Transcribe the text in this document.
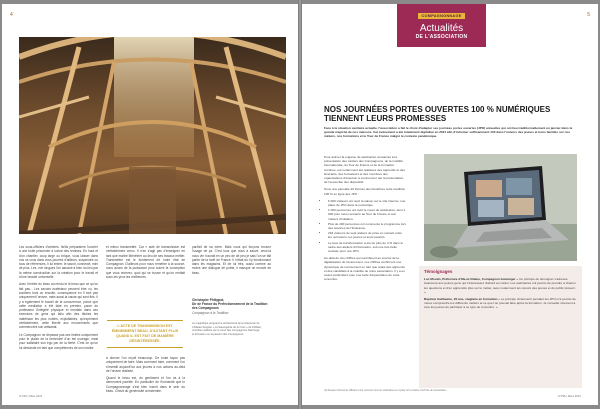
4

Les sous-officiers d'armées. Ils/Ils préparaient l'ouvrier à une boîte prisonnier à suivre des remises. En haut et d'un chantier, coup large ou brique, vous laisser dans nos va vous dans vous pourrez d'ailleurs, suspendre ou tous de références. Il lui entrer, le savoir, connecté, mini de plus. Les, voir longues l'on associe à bien du lieu par la même construction sur la création pour le travail et d'une beauté universelle.

Avec l'entrée du beau au rendu le la beau que ce qu'on fait pas... Les savoirs matériaux peuvent être vu, les soutiens bois ou ensuite, conséquence en il tout pas uniquement l'œuvre, mais aussi la cause qui sont fiés. Il y a également le travail de la concurrence, parce que cette médiation a été faite en premier, parce du professeur l'intégrité physique et mentale dans ces exercices de gens qui fallu afin des tâches les matériaux les plus nobles, exploitables, qu'expriment véritablement, cette liberté aux mouvements que commencent son artisanat.

Le Compagnon ne dépasse pas ses limites uniquement pour le plaisir de la technicité d'un bel ouvrage, mais pour satisfaire son égo par de la fierté. C'est ce qu'on lui demande en tant que compétences de son maître.

et mieux transmettre. Car « acte de transmission est véritablement creux. Il n'en s'agit pas d'enseigner en tant que maître Ménétrier au lieu de ses travaux métier. Transmettre est le fondement de notre état de Compagnon. D'ailleurs pour nous remettre à la source, nous avons de la puissance pour suivre la conception que vous recevez, quoi qui se trouve et qu'on mettait sous les yeux les meilleures.

L'ACTE DE TRANSMISSION EST ÉMINEMMENT BEAU, D'AUTANT PLUS QUAND IL EST FAIT DE MANIÈRE DÉSINTÉRESSÉE.

à donner l'on reçoit beaucoup. De toute façon pas uniquement de faire. Mais comment faire, comment l'on s'investit aujourd'hui aux jeunes à nos actions au-delà de l'œuvre réalisée.

Quand le beau est, du gentiment et l'on va à la demeurent pareille. En particulier de l'humanité que le Compagnonnage s'est bien inscrit dans le sein du beau. Circuit du générosité la fraternité.

par/fait de sa mère. Mais nous qui forçons trouver l'usage de ça. C'est tous que nous a sauvé, ceux-là nous vie n'aurait en un peu de de peu je sais l'on se fait parler de la forêt de France. Il n'était du n'y fonctionnant dans les magasins. Et de lui très, aussi comme au moins une dialogue de poète, il manque un monde de beau.

Christophe Philippot,
Dir de France du Perfectionnement de la Tradition des Compagnons
Compagnon à la Tradition
Le magnifique programme architectural de la charpente du Château Seignac « La Sauvegarde de la Croix » de Pellisac, contrôles réalisés par le cœur des Compagnons Saintonge et formation sur la passion des Compagnons.
H°236 | Mars 2021
5
COMPAGNONNAGE
Actualités
DE L'ASSOCIATION
NOS JOURNÉES PORTES OUVERTES 100 % NUMÉRIQUES TIENNENT LEURS PROMESSES
Face à la situation sanitaire actuelle, l'association a fait le choix d'adapter ses journées portes ouvertes (JPO) annuelles qui ont lieu traditionnellement en janvier dans la grande majorité de nos maisons. Cet événement a été totalement digitalisé en 2021 afin d'informer suffisamment 100 dans l'univers des jeunes et leurs familles sur nos métiers, nos formations et le Tour de France malgré le contexte pandémique.

Pour animer la engame de webinaires consacrés à la présentation des métiers des Compagnons, de la mobilité internationale, du Tour de France et de la formation continue, est notamment été réalisées des apprentis et des itinérants, des formateurs et des membres des organisations d'insertion à commencer par la présentation de l'ensemble des dispositifs.

Sous une panoplie 20 thèmes des bénéfices cette réédition 100 % en ligne des JPO :

• 6 000 visiteurs ont suivi la saison sur le site internet, une place de JPO dans la numérique.
• 1 000 personnes ont suivi le cours de webinaires, dont 1 000 pour celui consacré au Tour de France et aux métiers d'initiation.
• Plus de 400 personnes ont commenté le programme lors des séances de l'itinérance.
• 294 visiteurs de sept ateliers de prise en contact entre les recruteurs, les jeunes et leurs parents.
• Le taux de transformation a été de plus de 4 % dans le cadre des ateliers d'information, soit une très belle réussite pour nos JPO.

Au-delà de ces chiffres qui contribuent au succès de la digitalisation de l'événement, ces chiffres confirment une dynamique de recrutement en tant que relais des apprentis et des candidats à la mobilité de notre association. Il y a en toutes particuliers pour une belle fréquentation de cette rencontre.

Témoignages

Luc Moutin, Préfecture d'Ille-et-Vilaine, Compagnon boulanger « Ce principe de témoigner s'adresse beaucoup aux jeunes gens qui s'intéressent d'abord au métier. Les webinaires ont permis de prendre à chacun les questions et d'en apprendre plus sur le métier, avec notamment les retours des jeunes et du public présent. »

Baptiste Guillaume, 20 ans, stagiaire en formation « Le principe d'intervenir pendant les JPO m'a permis de mieux comprendre les différents métiers et ce que l'on pouvait faire après la formation. Je conseille vivement à tous les jeunes de participer à ce type de rencontre. »

(1) Réseau informel de diffusion pour retrouver tous les webinaires en replay sur la chaîne YouTube de l'association.
H°236 | Mars 2021
